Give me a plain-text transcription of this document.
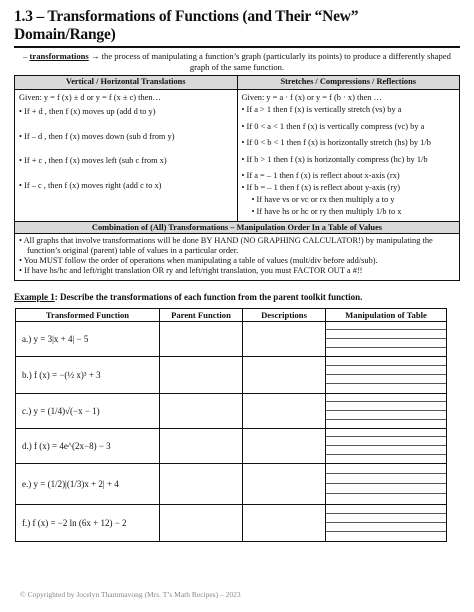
1.3 – Transformations of Functions (and Their “New” Domain/Range)
– transformations → the process of manipulating a function’s graph (particularly its points) to produce a differently shaped graph of the same function.
Vertical / Horizontal Translations
Given: y = f (x) ± d or y = f (x ± c) then…
• If + d , then f (x) moves up (add d to y)
• If – d , then f (x) moves down (sub d from y)
• If + c , then f (x) moves left (sub c from x)
• If – c , then f (x) moves right (add c to x)
Stretches / Compressions / Reflections
Given: y = a · f (x) or y = f (b · x) then …
• If a > 1 then f (x) is vertically stretch (vs) by a
• If 0 < a < 1 then f (x) is vertically compress (vc) by a
• If 0 < b < 1 then f (x) is horizontally stretch (hs) by 1/b
• If b > 1 then f (x) is horizontally compress (hc) by 1/b
• If a = – 1 then f (x) is reflect about x-axis (rx)
• If b = – 1 then f (x) is reflect about y-axis (ry)
• If have vs or vc or rx then multiply a to y
• If have hs or hc or ry then multiply 1/b to x
Combination of (All) Transformations – Manipulation Order In a Table of Values
• All graphs that involve transformations will be done BY HAND (NO GRAPHING CALCULATOR!) by manipulating the function’s original (parent) table of values in a particular order.
• You MUST follow the order of operations when manipulating a table of values (mult/div before add/sub).
• If have hs/hc and left/right translation OR ry and left/right translation, you must FACTOR OUT a #!!
Example 1: Describe the transformations of each function from the parent toolkit function.
Transformed Function	Parent Function	Descriptions	Manipulation of Table
a.) y = 3|x + 4| − 5			

b.) f (x) = −(½ x)³ + 3			

c.) y = (1/4)√(−x − 1)			

d.) f (x) = 4e^(2x−8) − 3			

e.) y = (1/2)|(1/3)x + 2| + 4			

f.) f (x) = −2 ln (6x + 12) − 2			
© Copyrighted by Jocelyn Thammavong (Mrs. T’s Math Recipes) – 2023
